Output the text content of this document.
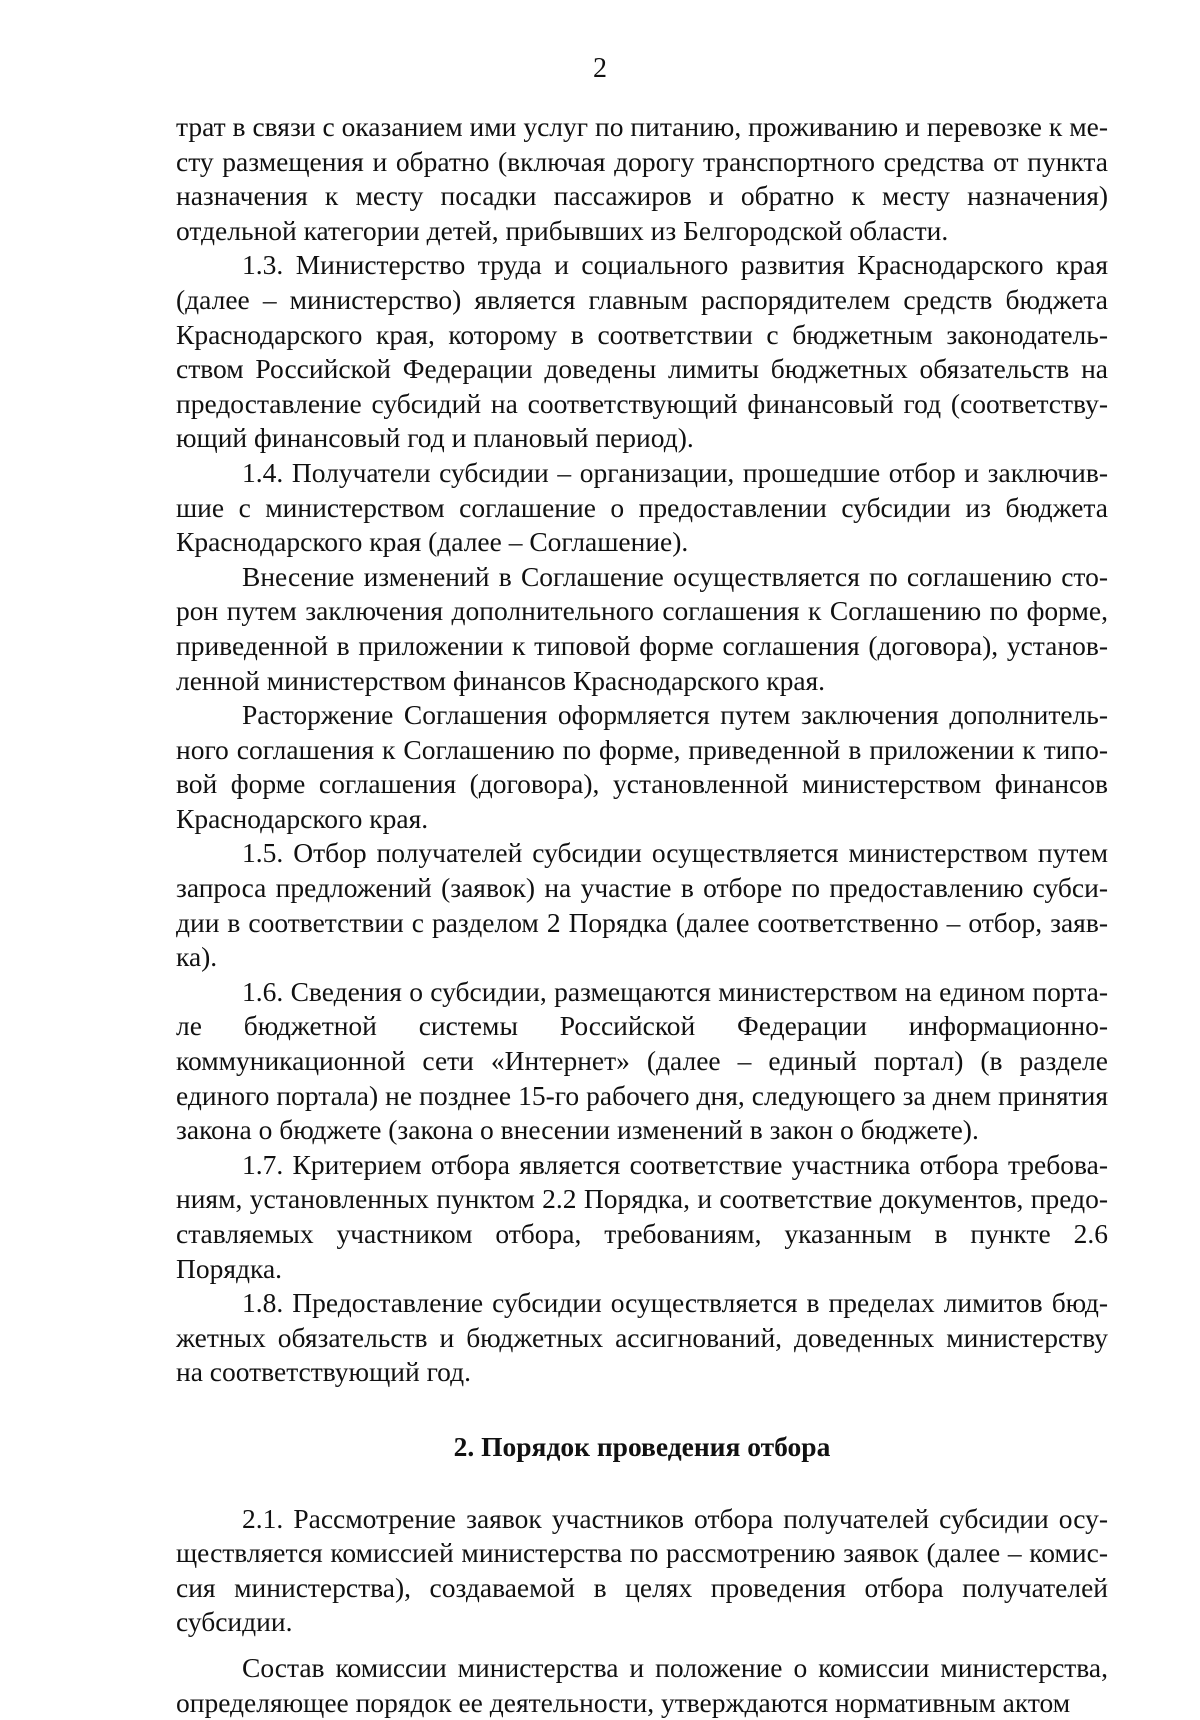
2

трат в связи с оказанием ими услуг по питанию, проживанию и перевозке к месту размещения и обратно (включая дорогу транспортного средства от пункта назначения к месту посадки пассажиров и обратно к месту назначения) отдельной категории детей, прибывших из Белгородской области.

1.3. Министерство труда и социального развития Краснодарского края (далее – министерство) является главным распорядителем средств бюджета Краснодарского края, которому в соответствии с бюджетным законодательством Российской Федерации доведены лимиты бюджетных обязательств на предоставление субсидий на соответствующий финансовый год (соответствующий финансовый год и плановый период).

1.4. Получатели субсидии – организации, прошедшие отбор и заключившие с министерством соглашение о предоставлении субсидии из бюджета Краснодарского края (далее – Соглашение).

Внесение изменений в Соглашение осуществляется по соглашению сторон путем заключения дополнительного соглашения к Соглашению по форме, приведенной в приложении к типовой форме соглашения (договора), установленной министерством финансов Краснодарского края.

Расторжение Соглашения оформляется путем заключения дополнительного соглашения к Соглашению по форме, приведенной в приложении к типовой форме соглашения (договора), установленной министерством финансов Краснодарского края.

1.5. Отбор получателей субсидии осуществляется министерством путем запроса предложений (заявок) на участие в отборе по предоставлению субсидии в соответствии с разделом 2 Порядка (далее соответственно – отбор, заявка).

1.6. Сведения о субсидии, размещаются министерством на едином портале бюджетной системы Российской Федерации информационно-коммуникационной сети «Интернет» (далее – единый портал) (в разделе единого портала) не позднее 15-го рабочего дня, следующего за днем принятия закона о бюджете (закона о внесении изменений в закон о бюджете).

1.7. Критерием отбора является соответствие участника отбора требованиям, установленных пунктом 2.2 Порядка, и соответствие документов, предоставляемых участником отбора, требованиям, указанным в пункте 2.6 Порядка.

1.8. Предоставление субсидии осуществляется в пределах лимитов бюджетных обязательств и бюджетных ассигнований, доведенных министерству на соответствующий год.

2. Порядок проведения отбора

2.1. Рассмотрение заявок участников отбора получателей субсидии осуществляется комиссией министерства по рассмотрению заявок (далее – комиссия министерства), создаваемой в целях проведения отбора получателей субсидии.

Состав комиссии министерства и положение о комиссии министерства, определяющее порядок ее деятельности, утверждаются нормативным актом
